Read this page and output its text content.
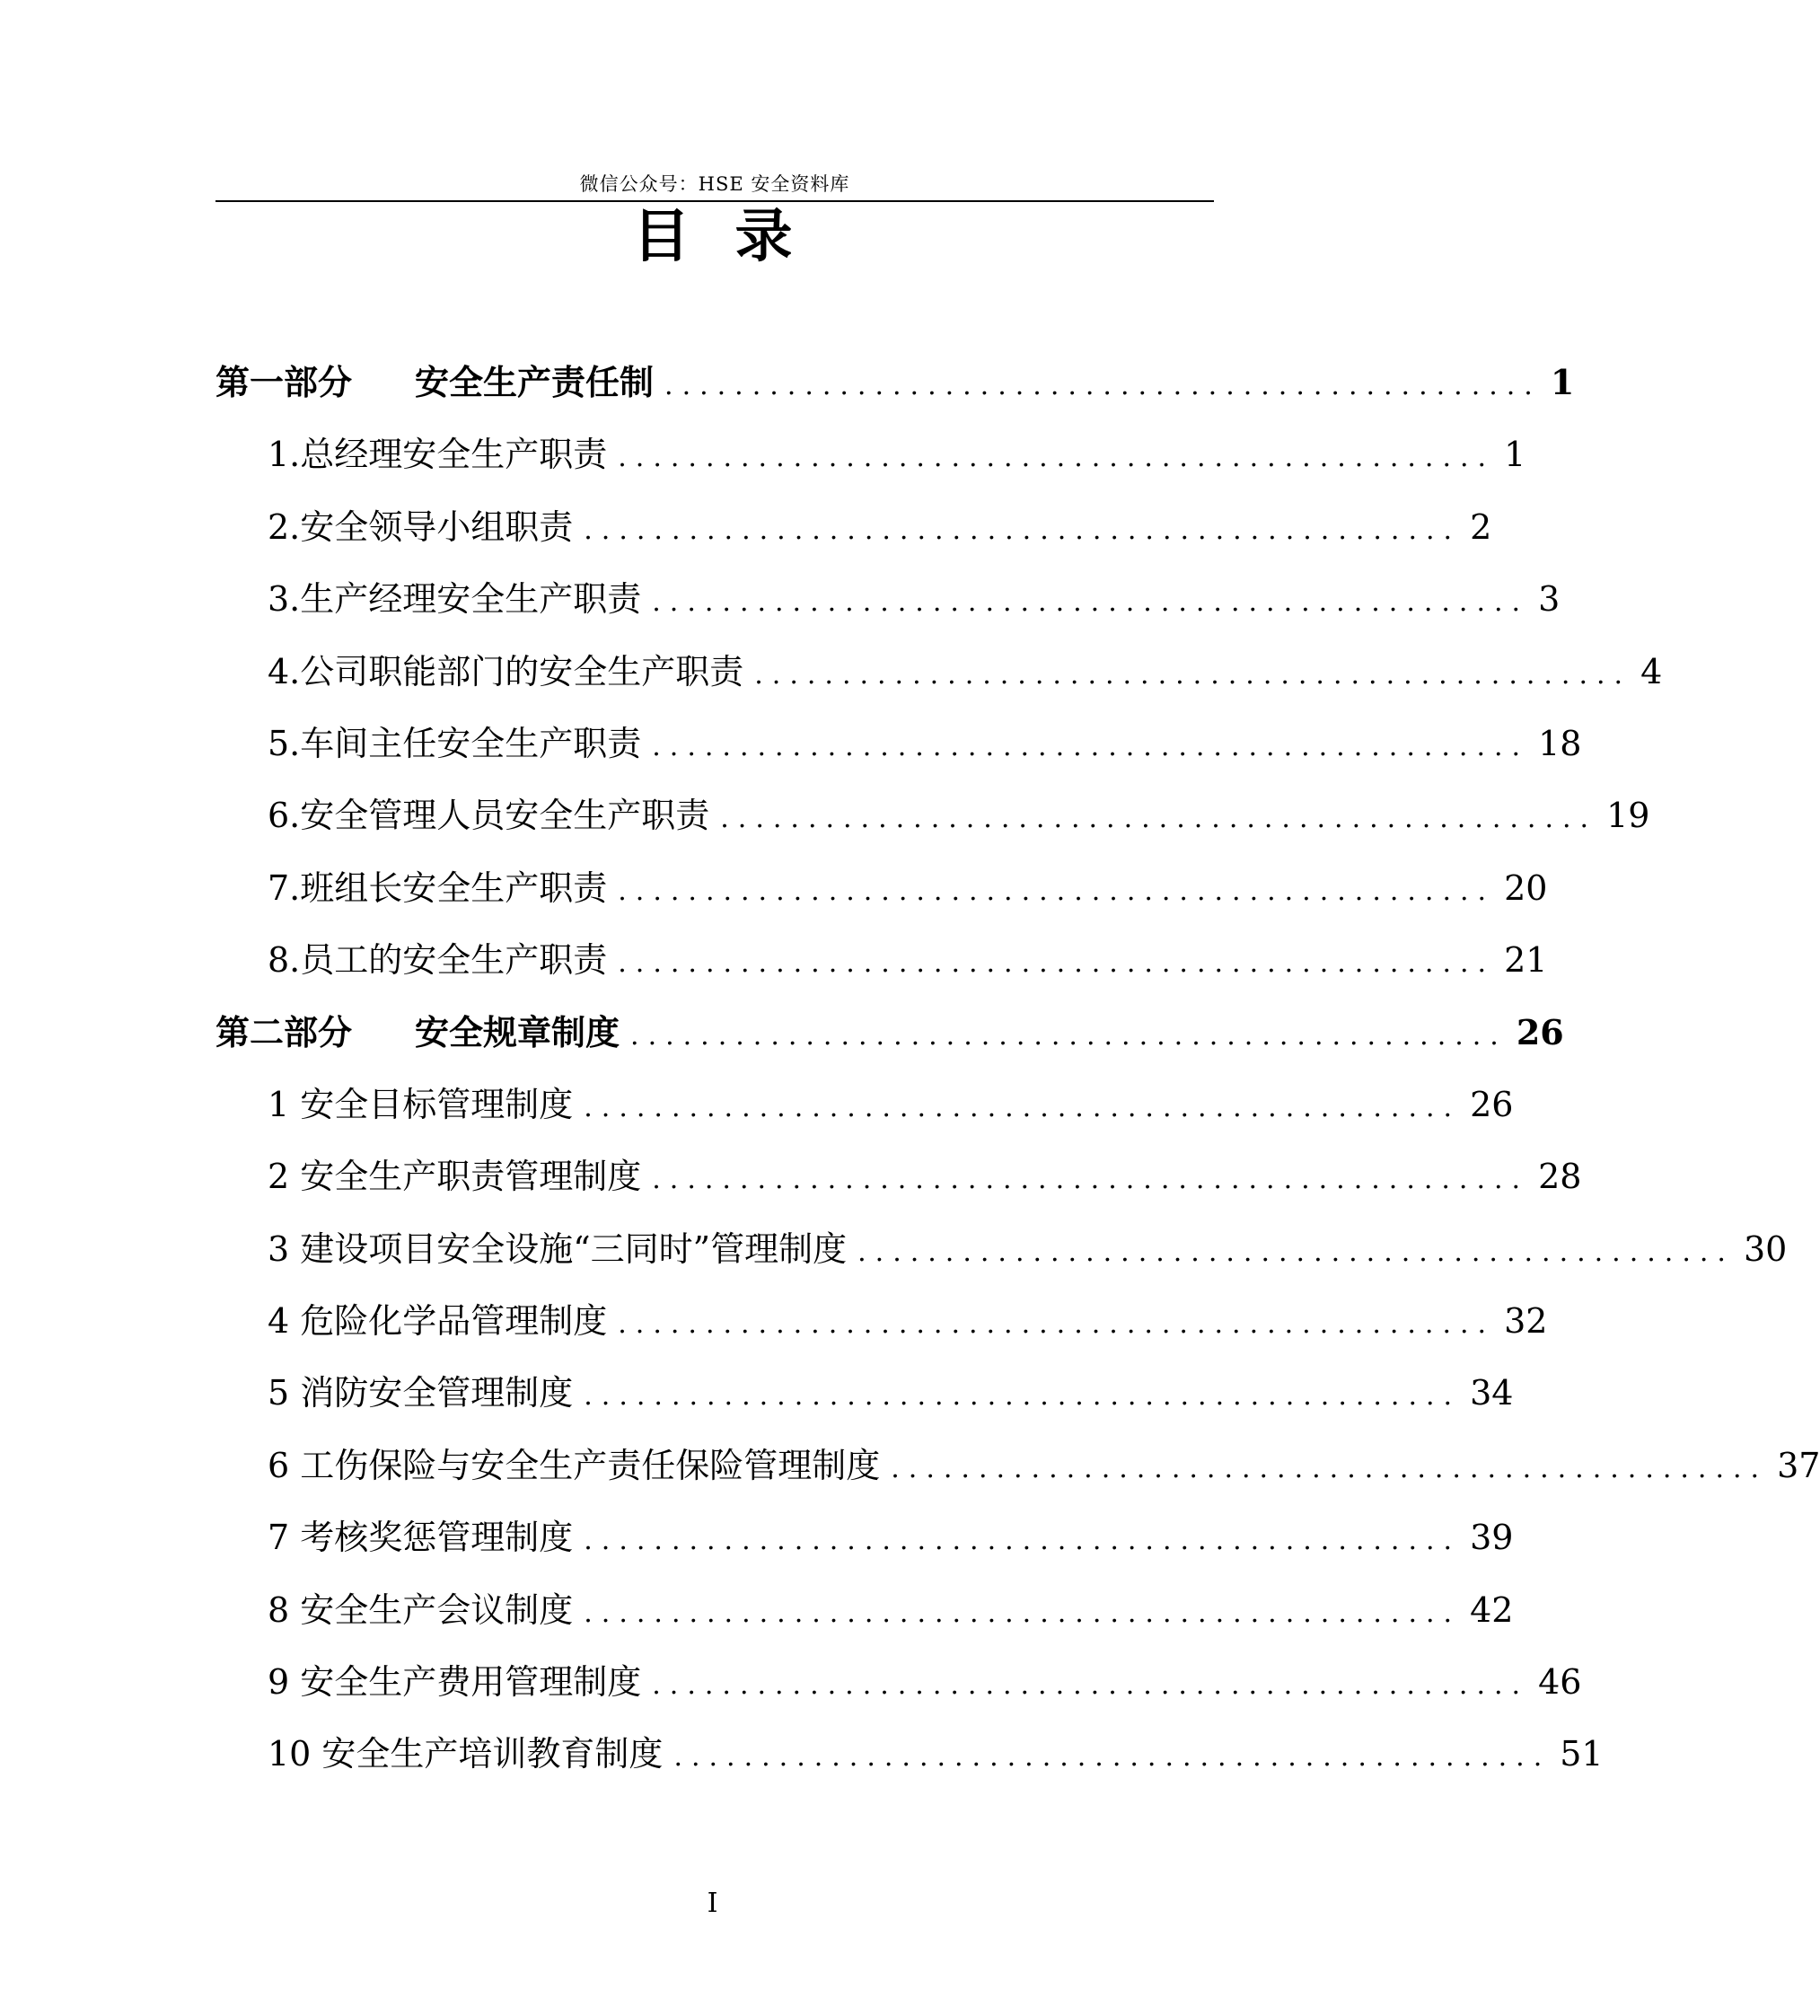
微信公众号：HSE 安全资料库
目录
第一部分 安全生产责任制 .................................................. 1
1.总经理安全生产职责 .................................................. 1
2.安全领导小组职责 .................................................. 2
3.生产经理安全生产职责 .................................................. 3
4.公司职能部门的安全生产职责 .................................................. 4
5.车间主任安全生产职责 .................................................. 18
6.安全管理人员安全生产职责 .................................................. 19
7.班组长安全生产职责 .................................................. 20
8.员工的安全生产职责 .................................................. 21
第二部分 安全规章制度 .................................................. 26
1 安全目标管理制度 .................................................. 26
2 安全生产职责管理制度 .................................................. 28
3 建设项目安全设施“三同时”管理制度 .................................................. 30
4 危险化学品管理制度 .................................................. 32
5 消防安全管理制度 .................................................. 34
6 工伤保险与安全生产责任保险管理制度 .................................................. 37
7 考核奖惩管理制度 .................................................. 39
8 安全生产会议制度 .................................................. 42
9 安全生产费用管理制度 .................................................. 46
10 安全生产培训教育制度 .................................................. 51
I
